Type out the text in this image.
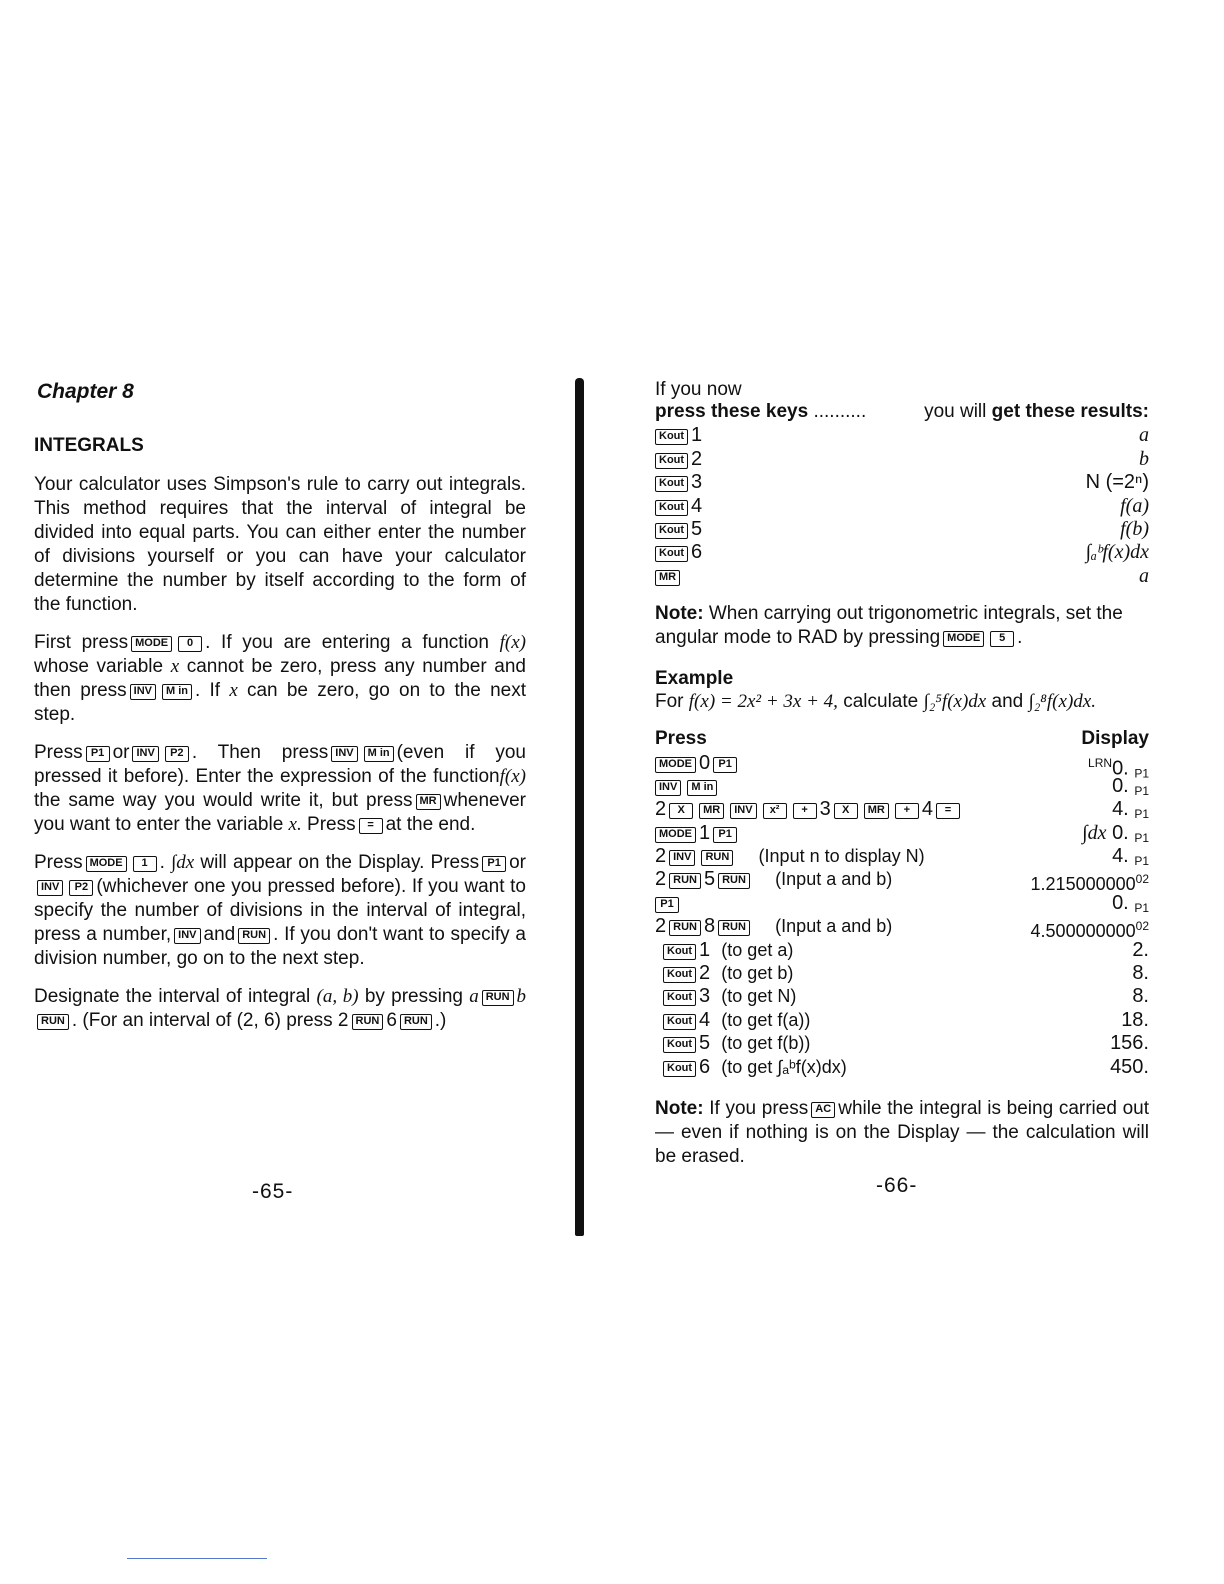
Chapter 8
INTEGRALS

Your calculator uses Simpson's rule to carry out integrals. This method requires that the interval of integral be divided into equal parts. You can either enter the number of divisions yourself or you can have your calculator determine the number by itself according to the form of the function.

First press MODE 0 . If you are entering a function f(x) whose variable x cannot be zero, press any number and then press INV M in . If x can be zero, go on to the next step.

Press P1 or INV P2 . Then press INV M in (even if you pressed it before). Enter the expression of the functionf(x) the same way you would write it, but press MR whenever you want to enter the variable x. Press = at the end.

Press MODE 1 . ∫dx will appear on the Display. Press P1 or INV P2 (whichever one you pressed before). If you want to specify the number of divisions in the interval of integral, press a number, INV and RUN . If you don't want to specify a division number, go on to the next step.

Designate the interval of integral (a, b) by pressing a RUN b RUN . (For an interval of (2, 6) press 2 RUN 6 RUN .)

-65-
If you now
press these keys ..........	you will get these results:
Kout 1	a
Kout 2	b
Kout 3	N (=2ⁿ)
Kout 4	f(a)
Kout 5	f(b)
Kout 6	∫ₐᵇf(x)dx
MR	a

Note: When carrying out trigonometric integrals, set the angular mode to RAD by pressing MODE 5 .

Example
For f(x) = 2x² + 3x + 4, calculate ∫₂⁵f(x)dx and ∫₂⁸f(x)dx.
Press	Display
MODE 0 P1	$^{LRN}$0. P1
INV M in	0. P1
2 X MR INV x² + 3 X MR + 4 =	4. P1
MODE 1 P1	∫dx 0. P1
2 INV RUN (Input n to display N)	4. P1
2 RUN 5 RUN (Input a and b)	1.215000000$^{02}$
P1	0. P1
2 RUN 8 RUN (Input a and b)	4.500000000$^{02}$
Kout 1 (to get a)	2.
Kout 2 (to get b)	8.
Kout 3 (to get N)	8.
Kout 4 (to get f(a))	18.
Kout 5 (to get f(b))	156.
Kout 6 (to get ∫ₐᵇf(x)dx)	450.

Note: If you press AC while the integral is being carried out — even if nothing is on the Display — the calculation will be erased.

-66-
